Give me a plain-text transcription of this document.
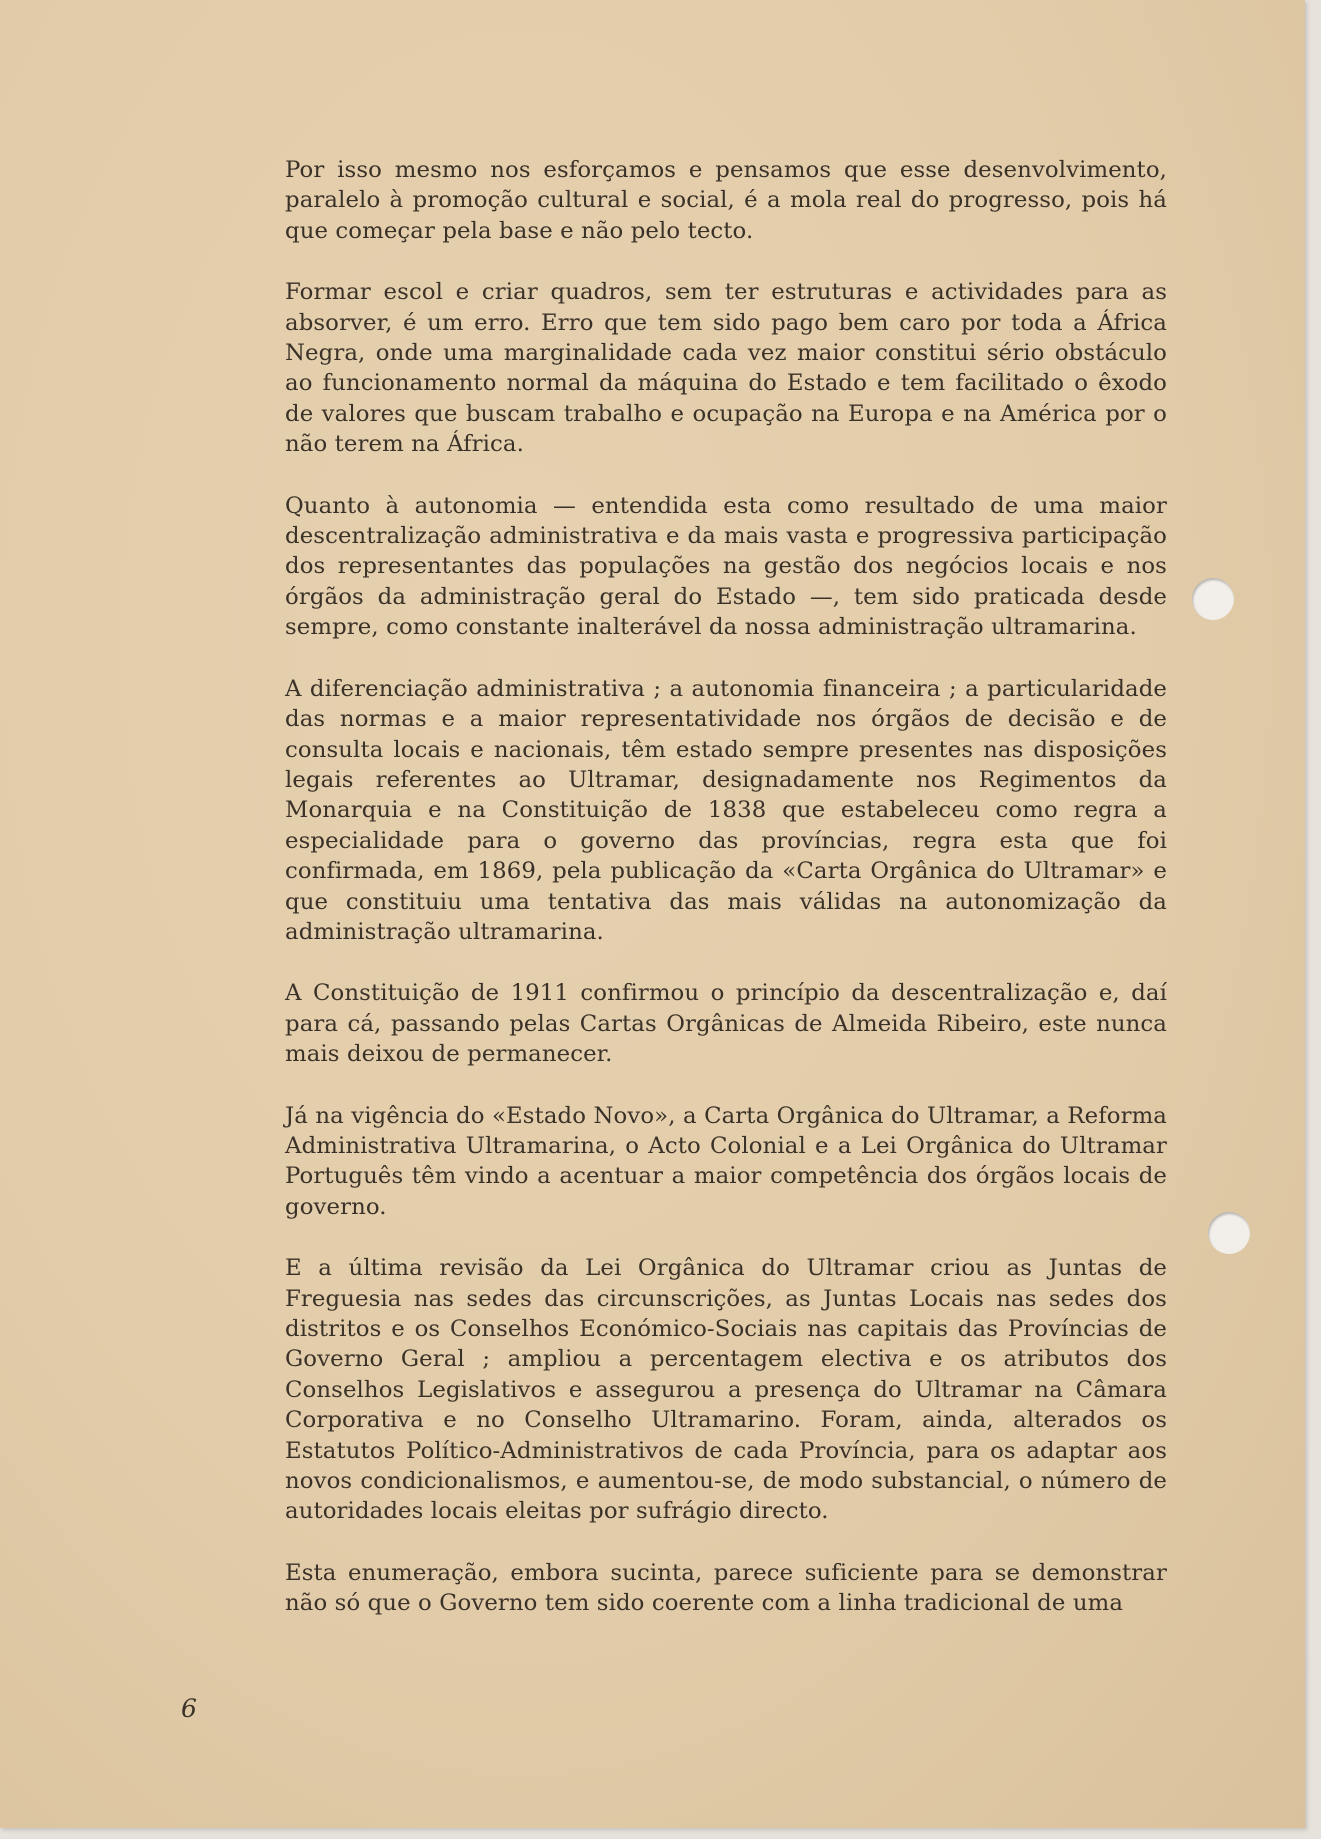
Por isso mesmo nos esforçamos e pensamos que esse desenvolvimento, paralelo à promoção cultural e social, é a mola real do progresso, pois há que começar pela base e não pelo tecto.

Formar escol e criar quadros, sem ter estruturas e actividades para as absorver, é um erro. Erro que tem sido pago bem caro por toda a África Negra, onde uma marginalidade cada vez maior constitui sério obstáculo ao funcionamento normal da máquina do Estado e tem facilitado o êxodo de valores que buscam trabalho e ocupação na Europa e na América por o não terem na África.

Quanto à autonomia — entendida esta como resultado de uma maior descentralização administrativa e da mais vasta e progressiva participação dos representantes das populações na gestão dos negócios locais e nos órgãos da administração geral do Estado —, tem sido praticada desde sempre, como constante inalterável da nossa administração ultramarina.

A diferenciação administrativa ; a autonomia financeira ; a particularidade das normas e a maior representatividade nos órgãos de decisão e de consulta locais e nacionais, têm estado sempre presentes nas disposições legais referentes ao Ultramar, designadamente nos Regimentos da Monarquia e na Constituição de 1838 que estabeleceu como regra a especialidade para o governo das províncias, regra esta que foi confirmada, em 1869, pela publicação da «Carta Orgânica do Ultramar» e que constituiu uma tentativa das mais válidas na autonomização da administração ultramarina.

A Constituição de 1911 confirmou o princípio da descentralização e, daí para cá, passando pelas Cartas Orgânicas de Almeida Ribeiro, este nunca mais deixou de permanecer.

Já na vigência do «Estado Novo», a Carta Orgânica do Ultramar, a Reforma Administrativa Ultramarina, o Acto Colonial e a Lei Orgânica do Ultramar Português têm vindo a acentuar a maior competência dos órgãos locais de governo.

E a última revisão da Lei Orgânica do Ultramar criou as Juntas de Freguesia nas sedes das circunscrições, as Juntas Locais nas sedes dos distritos e os Conselhos Económico-Sociais nas capitais das Províncias de Governo Geral ; ampliou a percentagem electiva e os atributos dos Conselhos Legislativos e assegurou a presença do Ultramar na Câmara Corporativa e no Conselho Ultramarino. Foram, ainda, alterados os Estatutos Político-Administrativos de cada Província, para os adaptar aos novos condicionalismos, e aumentou-se, de modo substancial, o número de autoridades locais eleitas por sufrágio directo.

Esta enumeração, embora sucinta, parece suficiente para se demonstrar não só que o Governo tem sido coerente com a linha tradicional de uma

6
